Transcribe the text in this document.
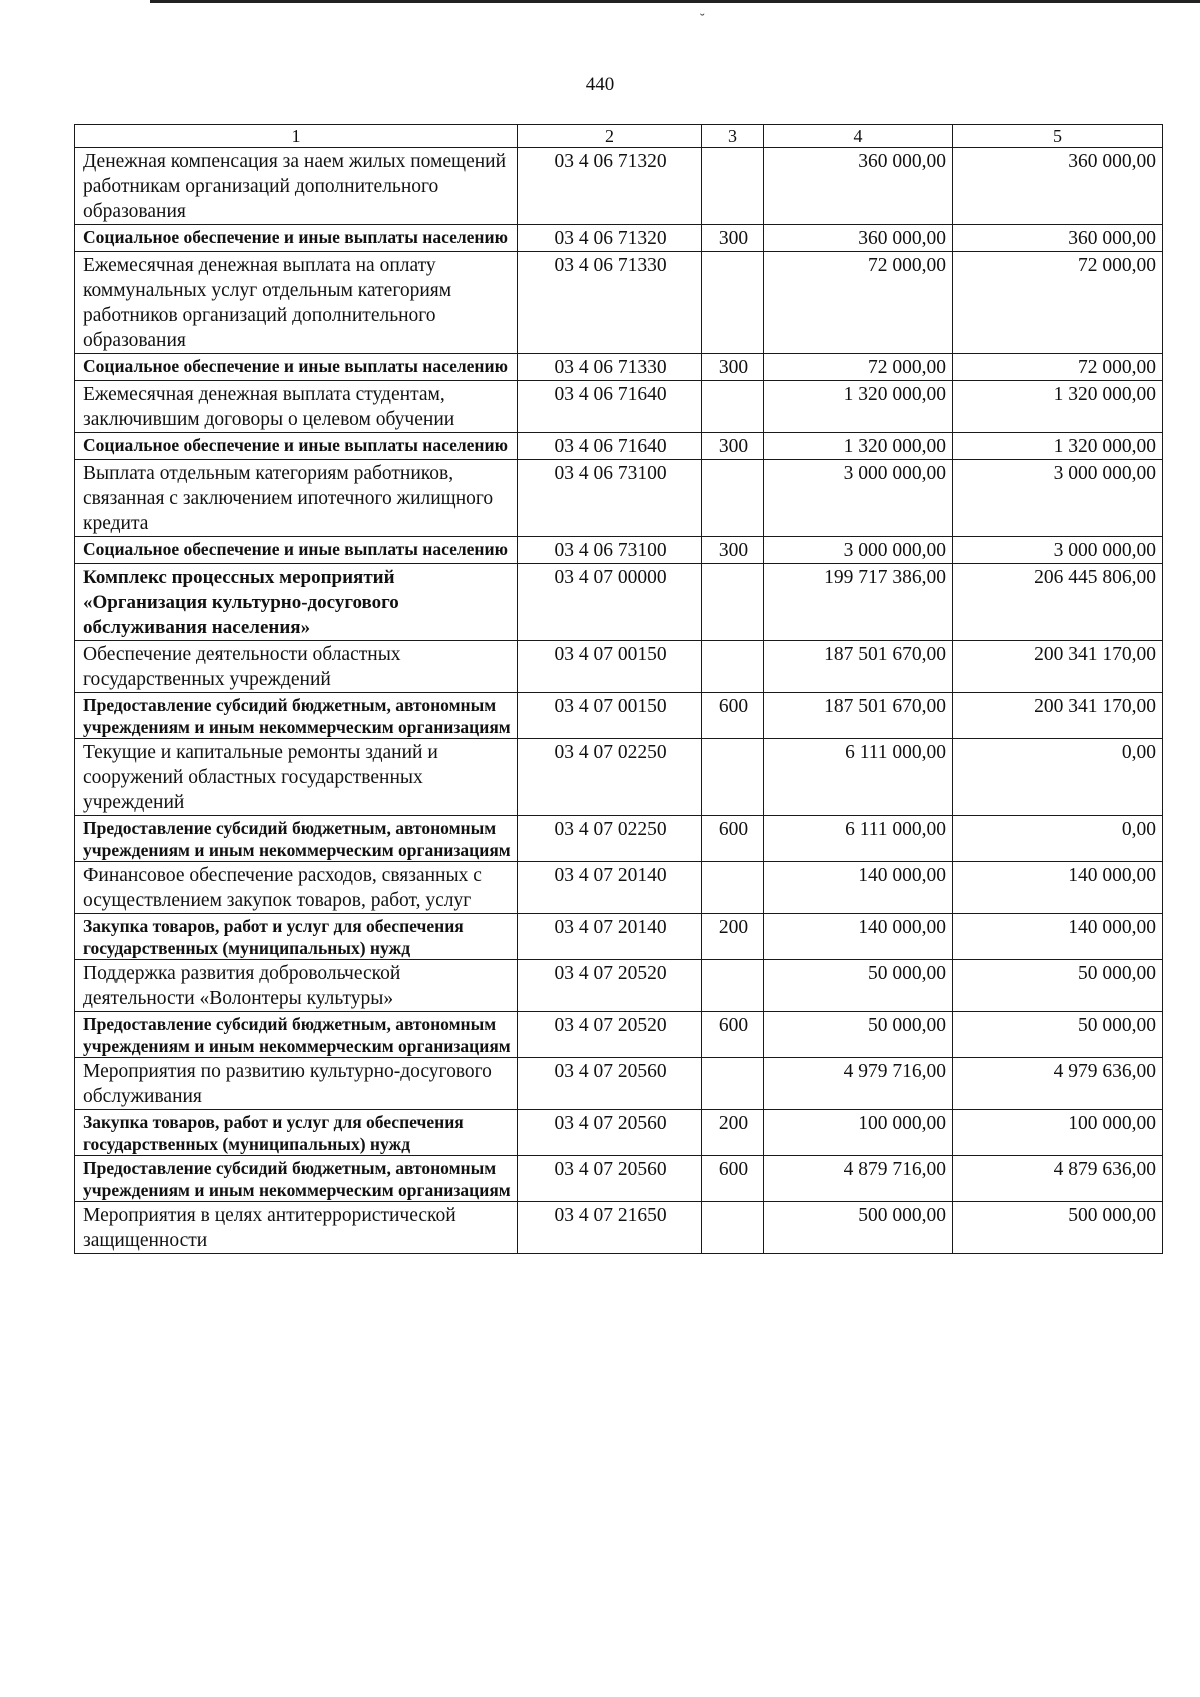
˘
440
1	2	3	4	5
Денежная компенсация за наем жилых помещений работникам организаций дополнительного образования	03 4 06 71320		360 000,00	360 000,00
Социальное обеспечение и иные выплаты населению	03 4 06 71320	300	360 000,00	360 000,00
Ежемесячная денежная выплата на оплату коммунальных услуг отдельным категориям работников организаций дополнительного образования	03 4 06 71330		72 000,00	72 000,00
Социальное обеспечение и иные выплаты населению	03 4 06 71330	300	72 000,00	72 000,00
Ежемесячная денежная выплата студентам, заключившим договоры о целевом обучении	03 4 06 71640		1 320 000,00	1 320 000,00
Социальное обеспечение и иные выплаты населению	03 4 06 71640	300	1 320 000,00	1 320 000,00
Выплата отдельным категориям работников, связанная с заключением ипотечного жилищного кредита	03 4 06 73100		3 000 000,00	3 000 000,00
Социальное обеспечение и иные выплаты населению	03 4 06 73100	300	3 000 000,00	3 000 000,00
Комплекс процессных мероприятий «Организация культурно-досугового обслуживания населения»	03 4 07 00000		199 717 386,00	206 445 806,00
Обеспечение деятельности областных государственных учреждений	03 4 07 00150		187 501 670,00	200 341 170,00
Предоставление субсидий бюджетным, автономным учреждениям и иным некоммерческим организациям	03 4 07 00150	600	187 501 670,00	200 341 170,00
Текущие и капитальные ремонты зданий и сооружений областных государственных учреждений	03 4 07 02250		6 111 000,00	0,00
Предоставление субсидий бюджетным, автономным учреждениям и иным некоммерческим организациям	03 4 07 02250	600	6 111 000,00	0,00
Финансовое обеспечение расходов, связанных с осуществлением закупок товаров, работ, услуг	03 4 07 20140		140 000,00	140 000,00
Закупка товаров, работ и услуг для обеспечения государственных (муниципальных) нужд	03 4 07 20140	200	140 000,00	140 000,00
Поддержка развития добровольческой деятельности «Волонтеры культуры»	03 4 07 20520		50 000,00	50 000,00
Предоставление субсидий бюджетным, автономным учреждениям и иным некоммерческим организациям	03 4 07 20520	600	50 000,00	50 000,00
Мероприятия по развитию культурно-досугового обслуживания	03 4 07 20560		4 979 716,00	4 979 636,00
Закупка товаров, работ и услуг для обеспечения государственных (муниципальных) нужд	03 4 07 20560	200	100 000,00	100 000,00
Предоставление субсидий бюджетным, автономным учреждениям и иным некоммерческим организациям	03 4 07 20560	600	4 879 716,00	4 879 636,00
Мероприятия в целях антитеррористической защищенности	03 4 07 21650		500 000,00	500 000,00
